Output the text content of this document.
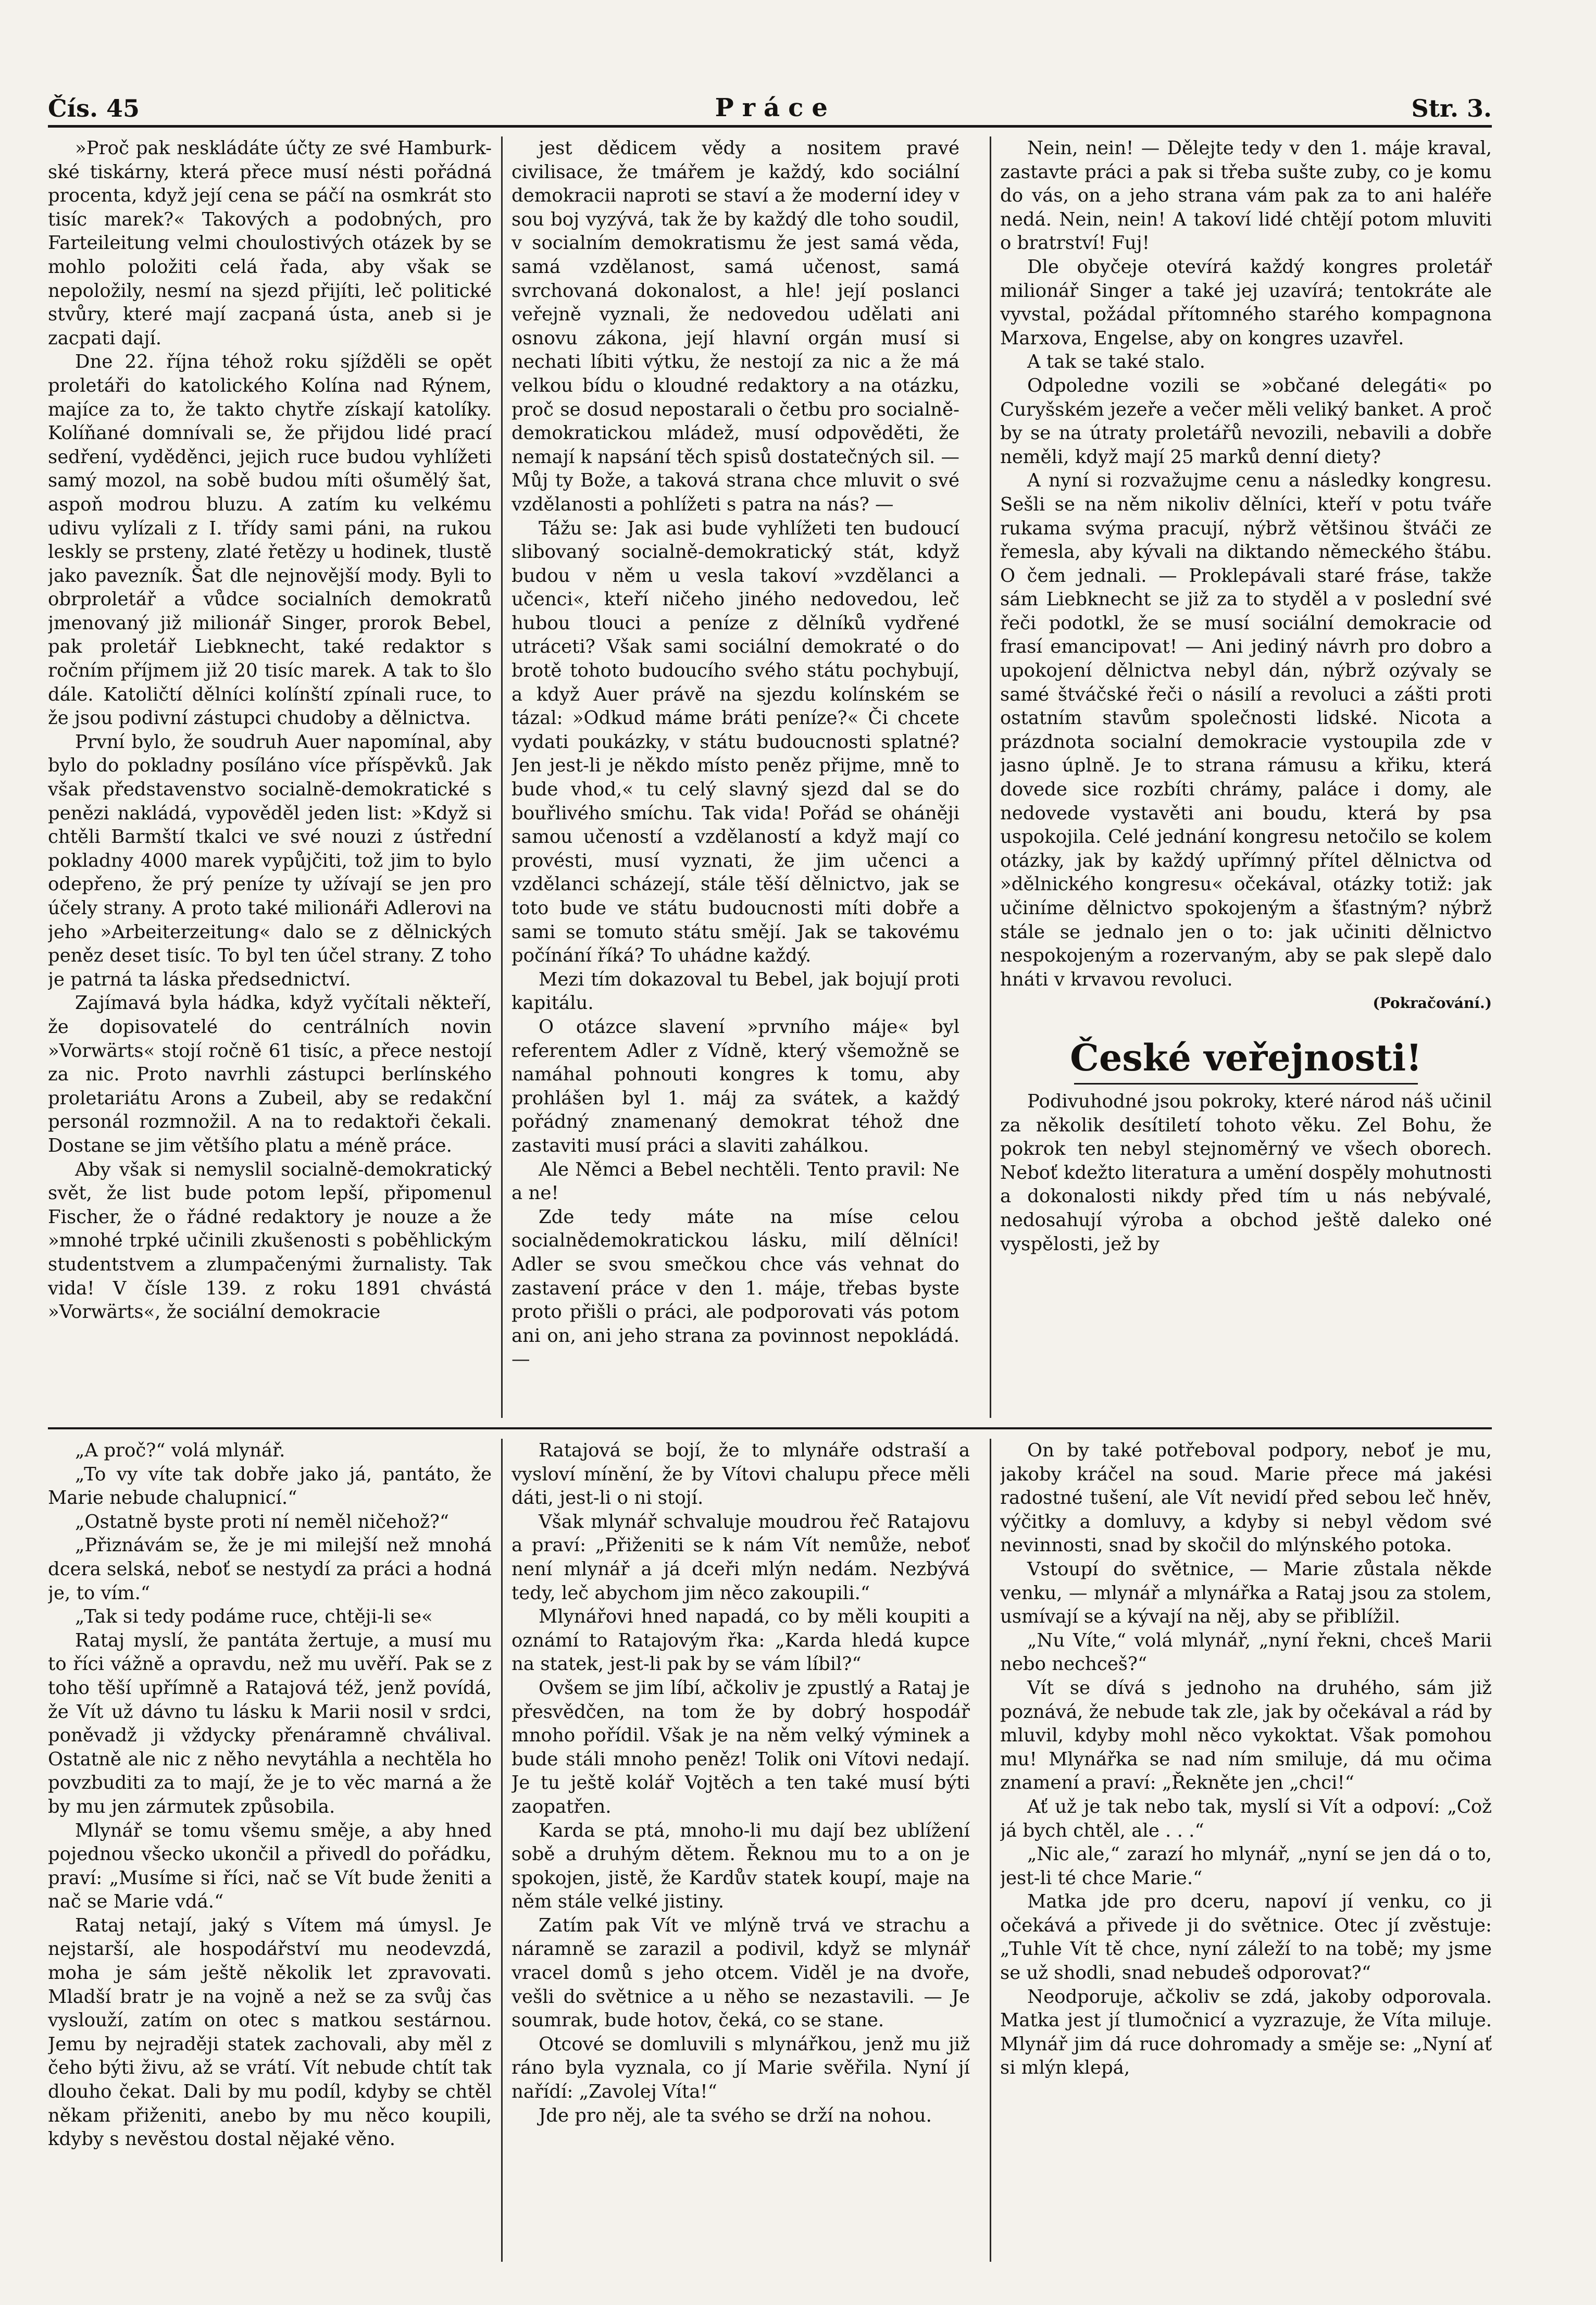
Čís. 45	Práce	Str. 3.

»Proč pak neskládáte účty ze své Hamburk-ské tiskárny, která přece musí nésti pořádná procenta, když její cena se páčí na osmkrát sto tisíc marek?« Takových a podobných, pro Farteileitung velmi choulostivých otázek by se mohlo položiti celá řada, aby však se nepoložily, nesmí na sjezd přijíti, leč politické stvůry, které mají zacpaná ústa, aneb si je zacpati dají.

Dne 22. října téhož roku sjížděli se opět proletáři do katolického Kolína nad Rýnem, majíce za to, že takto chytře získají katolíky. Kolíňané domnívali se, že přijdou lidé prací sedření, vyděděnci, jejich ruce budou vyhlížeti samý mozol, na sobě budou míti ošumělý šat, aspoň modrou bluzu. A zatím ku velkému udivu vylízali z I. třídy sami páni, na rukou leskly se prsteny, zlaté řetězy u hodinek, tlustě jako pavezník. Šat dle nejnovější mody. Byli to obrproletář a vůdce socialních demokratů jmenovaný již milionář Singer, prorok Bebel, pak proletář Liebknecht, také redaktor s ročním příjmem již 20 tisíc marek. A tak to šlo dále. Katoličtí dělníci kolínští zpínali ruce, to že jsou podivní zástupci chudoby a dělnictva.

První bylo, že soudruh Auer napomínal, aby bylo do pokladny posíláno více příspěvků. Jak však představenstvo socialně-demokratické s penězi nakládá, vypověděl jeden list: »Když si chtěli Barmští tkalci ve své nouzi z ústřední pokladny 4000 marek vypůjčiti, tož jim to bylo odepřeno, že prý peníze ty užívají se jen pro účely strany. A proto také milionáři Adlerovi na jeho »Arbeiterzeitung« dalo se z dělnických peněz deset tisíc. To byl ten účel strany. Z toho je patrná ta láska předsednictví.

Zajímavá byla hádka, když vyčítali někteří, že dopisovatelé do centrálních novin »Vorwärts« stojí ročně 61 tisíc, a přece nestojí za nic. Proto navrhli zástupci berlínského proletariátu Arons a Zubeil, aby se redakční personál rozmnožil. A na to redaktoři čekali. Dostane se jim většího platu a méně práce.

Aby však si nemyslil socialně-demokratický svět, že list bude potom lepší, připomenul Fischer, že o řádné redaktory je nouze a že »mnohé trpké učinili zkušenosti s poběhlickým studentstvem a zlumpačenými žurnalisty. Tak vida! V čísle 139. z roku 1891 chvástá »Vorwärts«, že sociální demokracie

jest dědicem vědy a nositem pravé civilisace, že tmářem je každý, kdo sociální demokracii naproti se staví a že moderní idey v sou boj vyzývá, tak že by každý dle toho soudil, v socialním demokratismu že jest samá věda, samá vzdělanost, samá učenost, samá svrchovaná dokonalost, a hle! její poslanci veřejně vyznali, že nedovedou udělati ani osnovu zákona, její hlavní orgán musí si nechati líbiti výtku, že nestojí za nic a že má velkou bídu o kloudné redaktory a na otázku, proč se dosud nepostarali o četbu pro socialně-demokratickou mládež, musí odpověděti, že nemají k napsání těch spisů dostatečných sil. — Můj ty Bože, a taková strana chce mluvit o své vzdělanosti a pohlížeti s patra na nás? —

Tážu se: Jak asi bude vyhlížeti ten budoucí slibovaný socialně-demokratický stát, když budou v něm u vesla takoví »vzdělanci a učenci«, kteří ničeho jiného nedovedou, leč hubou tlouci a peníze z dělníků vydřené utráceti? Však sami sociální demokraté o do brotě tohoto budoucího svého státu pochybují, a když Auer právě na sjezdu kolínském se tázal: »Odkud máme bráti peníze?« Či chcete vydati poukázky, v státu budoucnosti splatné? Jen jest-li je někdo místo peněz přijme, mně to bude vhod,« tu celý slavný sjezd dal se do bouřlivého smíchu. Tak vida! Pořád se oháněji samou učeností a vzdělaností a když mají co provésti, musí vyznati, že jim učenci a vzdělanci scházejí, stále těší dělnictvo, jak se toto bude ve státu budoucnosti míti dobře a sami se tomuto státu smějí. Jak se takovému počínání říká? To uhádne každý.

Mezi tím dokazoval tu Bebel, jak bojují proti kapitálu.

O otázce slavení »prvního máje« byl referentem Adler z Vídně, který všemožně se namáhal pohnouti kongres k tomu, aby prohlášen byl 1. máj za svátek, a každý pořádný znamenaný demokrat téhož dne zastaviti musí práci a slaviti zahálkou.

Ale Němci a Bebel nechtěli. Tento pravil: Ne a ne!

Zde tedy máte na míse celou socialnědemokratickou lásku, milí dělníci! Adler se svou smečkou chce vás vehnat do zastavení práce v den 1. máje, třebas byste proto přišli o práci, ale podporovati vás potom ani on, ani jeho strana za povinnost nepokládá. —

Nein, nein! — Dělejte tedy v den 1. máje kraval, zastavte práci a pak si třeba sušte zuby, co je komu do vás, on a jeho strana vám pak za to ani haléře nedá. Nein, nein! A takoví lidé chtějí potom mluviti o bratrství! Fuj!

Dle obyčeje otevírá každý kongres proletář milionář Singer a také jej uzavírá; tentokráte ale vyvstal, požádal přítomného starého kompagnona Marxova, Engelse, aby on kongres uzavřel.

A tak se také stalo.

Odpoledne vozili se »občané delegáti« po Curyšském jezeře a večer měli veliký banket. A proč by se na útraty proletářů nevozili, nebavili a dobře neměli, když mají 25 marků denní diety?

A nyní si rozvažujme cenu a následky kongresu. Sešli se na něm nikoliv dělníci, kteří v potu tváře rukama svýma pracují, nýbrž většinou štváči ze řemesla, aby kývali na diktando německého štábu. O čem jednali. — Proklepávali staré fráse, takže sám Liebknecht se již za to styděl a v poslední své řeči podotkl, že se musí sociální demokracie od frasí emancipovat! — Ani jediný návrh pro dobro a upokojení dělnictva nebyl dán, nýbrž ozývaly se samé štváčské řeči o násilí a revoluci a zášti proti ostatním stavům společnosti lidské. Nicota a prázdnota socialní demokracie vystoupila zde v jasno úplně. Je to strana rámusu a křiku, která dovede sice rozbíti chrámy, paláce i domy, ale nedovede vystavěti ani boudu, která by psa uspokojila. Celé jednání kongresu netočilo se kolem otázky, jak by každý upřímný přítel dělnictva od »dělnického kongresu« očekával, otázky totiž: jak učiníme dělnictvo spokojeným a šťastným? nýbrž stále se jednalo jen o to: jak učiniti dělnictvo nespokojeným a rozervaným, aby se pak slepě dalo hnáti v krvavou revoluci.

(Pokračování.)
České veřejnosti!

Podivuhodné jsou pokroky, které národ náš učinil za několik desítiletí tohoto věku. Zel Bohu, že pokrok ten nebyl stejnoměrný ve všech oborech. Neboť kdežto literatura a umění dospěly mohutnosti a dokonalosti nikdy před tím u nás nebývalé, nedosahují výroba a obchod ještě daleko oné vyspělosti, jež by

„A proč?“ volá mlynář.

„To vy víte tak dobře jako já, pantáto, že Marie nebude chalupnicí.“

„Ostatně byste proti ní neměl ničehož?“

„Přiznávám se, že je mi milejší než mnohá dcera selská, neboť se nestydí za práci a hodná je, to vím.“

„Tak si tedy podáme ruce, chtěji-li se«

Rataj myslí, že pantáta žertuje, a musí mu to říci vážně a opravdu, než mu uvěří. Pak se z toho těší upřímně a Ratajová též, jenž povídá, že Vít už dávno tu lásku k Marii nosil v srdci, poněvadž ji vždycky přenáramně chválival. Ostatně ale nic z něho nevytáhla a nechtěla ho povzbuditi za to mají, že je to věc marná a že by mu jen zármutek způsobila.

Mlynář se tomu všemu směje, a aby hned pojednou všecko ukončil a přivedl do pořádku, praví: „Musíme si říci, nač se Vít bude ženiti a nač se Marie vdá.“

Rataj netají, jaký s Vítem má úmysl. Je nejstarší, ale hospodářství mu neodevzdá, moha je sám ještě několik let zpravovati. Mladší bratr je na vojně a než se za svůj čas vyslouží, zatím on otec s matkou sestárnou. Jemu by nejraději statek zachovali, aby měl z čeho býti živu, až se vrátí. Vít nebude chtít tak dlouho čekat. Dali by mu podíl, kdyby se chtěl někam přiženiti, anebo by mu něco koupili, kdyby s nevěstou dostal nějaké věno.

Ratajová se bojí, že to mlynáře odstraší a vysloví mínění, že by Vítovi chalupu přece měli dáti, jest-li o ni stojí.

Však mlynář schvaluje moudrou řeč Ratajovu a praví: „Přiženiti se k nám Vít nemůže, neboť není mlynář a já dceři mlýn nedám. Nezbývá tedy, leč abychom jim něco zakoupili.“

Mlynářovi hned napadá, co by měli koupiti a oznámí to Ratajovým řka: „Karda hledá kupce na statek, jest-li pak by se vám líbil?“

Ovšem se jim líbí, ačkoliv je zpustlý a Rataj je přesvědčen, na tom že by dobrý hospodář mnoho pořídil. Však je na něm velký výminek a bude stáli mnoho peněz! Tolik oni Vítovi nedají. Je tu ještě kolář Vojtěch a ten také musí býti zaopatřen.

Karda se ptá, mnoho-li mu dají bez ublížení sobě a druhým dětem. Řeknou mu to a on je spokojen, jistě, že Kardův statek koupí, maje na něm stále velké jistiny.

Zatím pak Vít ve mlýně trvá ve strachu a náramně se zarazil a podivil, když se mlynář vracel domů s jeho otcem. Viděl je na dvoře, vešli do světnice a u něho se nezastavili. — Je soumrak, bude hotov, čeká, co se stane.

Otcové se domluvili s mlynářkou, jenž mu již ráno byla vyznala, co jí Marie svěřila. Nyní jí nařídí: „Zavolej Víta!“

Jde pro něj, ale ta svého se drží na nohou.

On by také potřeboval podpory, neboť je mu, jakoby kráčel na soud. Marie přece má jakési radostné tušení, ale Vít nevidí před sebou leč hněv, výčitky a domluvy, a kdyby si nebyl vědom své nevinnosti, snad by skočil do mlýnského potoka.

Vstoupí do světnice, — Marie zůstala někde venku, — mlynář a mlynářka a Rataj jsou za stolem, usmívají se a kývají na něj, aby se přiblížil.

„Nu Víte,“ volá mlynář, „nyní řekni, chceš Marii nebo nechceš?“

Vít se dívá s jednoho na druhého, sám již poznává, že nebude tak zle, jak by očekával a rád by mluvil, kdyby mohl něco vykoktat. Však pomohou mu! Mlynářka se nad ním smiluje, dá mu očima znamení a praví: „Řekněte jen „chci!“

Ať už je tak nebo tak, myslí si Vít a odpoví: „Což já bych chtěl, ale . . .“

„Nic ale,“ zarazí ho mlynář, „nyní se jen dá o to, jest-li té chce Marie.“

Matka jde pro dceru, napoví jí venku, co ji očekává a přivede ji do světnice. Otec jí zvěstuje: „Tuhle Vít tě chce, nyní záleží to na tobě; my jsme se už shodli, snad nebudeš odporovat?“

Neodporuje, ačkoliv se zdá, jakoby odporovala. Matka jest jí tlumočnicí a vyzrazuje, že Víta miluje. Mlynář jim dá ruce dohromady a směje se: „Nyní ať si mlýn klepá,
